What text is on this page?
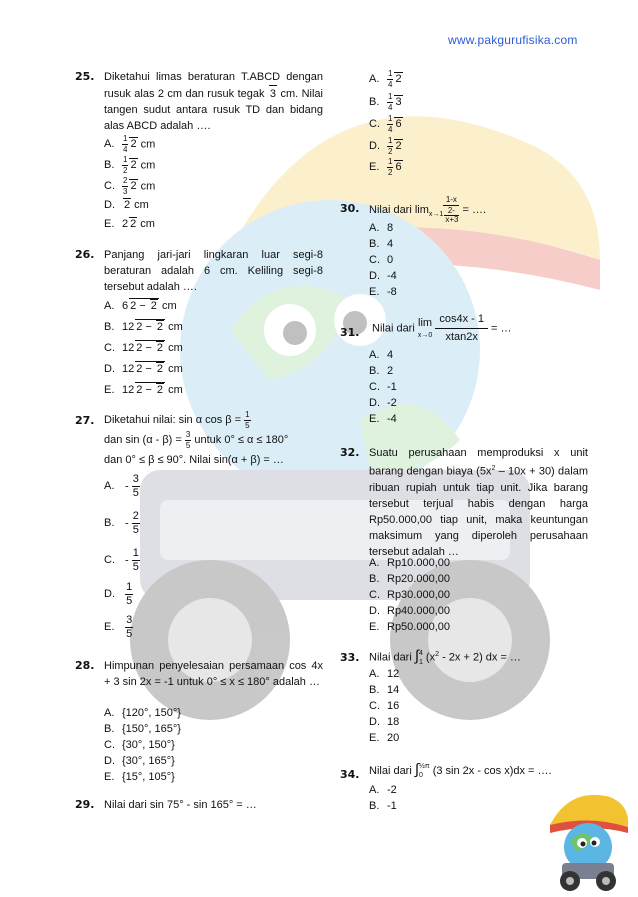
www.pakgurufisika.com
25. Diketahui limas beraturan T.ABCD dengan rusuk alas 2 cm dan rusuk tegak 3 cm. Nilai tangen sudut antara rusuk TD dan bidang alas ABCD adalah ….
A. $\frac{1}{4} 2$ cm
B. $\frac{1}{2} 2$ cm
C. $\frac{2}{3} 2$ cm
D. 2 cm
E. 2 2 cm
26. Panjang jari-jari lingkaran luar segi-8 beraturan adalah 6 cm. Keliling segi-8 tersebut adalah ….
A. 6 2 − 2 cm
B. 12 2 − 2 cm
C. 12 2 − 2 cm
D. 12 2 − 2 cm
E. 12 2 − 2 cm
27. Diketahui nilai: sin α $\cos \beta = \frac{1}{5}$

dan $\sin (\alpha - \beta) = \frac{3}{5}$ untuk 0° ≤ α ≤ 180°
dan 0° ≤ β ≤ 90°. Nilai sin(α + β) = …
A. - $\frac{3}{5}$
B. - $\frac{2}{5}$
C. - $\frac{1}{5}$
D. $\frac{1}{5}$
E. $\frac{3}{5}$
28. Himpunan penyelesaian persamaan cos 4x + 3 sin 2x = -1 untuk 0° ≤ x ≤ 180° adalah …
A. {120°, 150°}
B. {150°, 165°}
C. {30°, 150°}
D. {30°, 165°}
E. {15°, 105°}
29. Nilai dari sin 75° - sin 165° = …
A. $\frac{1}{4} 2$
B. $\frac{1}{4} 3$
C. $\frac{1}{4} 6$
D. $\frac{1}{2} 2$
E. $\frac{1}{2} 6$
30. Nilai dari $\lim_{x\to 1} 1-x$
2-
x+3 = ….
A. 8
B. 4
C. 0
D. -4
E. -8
31. Nilai dari lim
$x\to 0 \frac{\cos 4x - 1}{xtan2x}$ = …
A. 4
B. 2
C. -1
D. -2
E. -4
32. Suatu perusahaan memproduksi x unit barang dengan biaya $(5x^2 - 10x + 30)$ dalam ribuan rupiah untuk tiap unit. Jika barang tersebut terjual habis dengan harga Rp50.000,00 tiap unit, maka keuntungan maksimum yang diperoleh perusahaan tersebut adalah …
A. Rp10.000,00
B. Rp20.000,00
C. Rp30.000,00
D. Rp40.000,00
E. Rp50.000,00
33. Nilai dari ∫4
1 $(x^2 - 2x + 2)$ dx = …
A. 12
B. 14
C. 16
D. 18
E. 20
34. Nilai dari ∫½π
0 (3 sin 2x - cos x)dx = ….
A. -2
B. -1
